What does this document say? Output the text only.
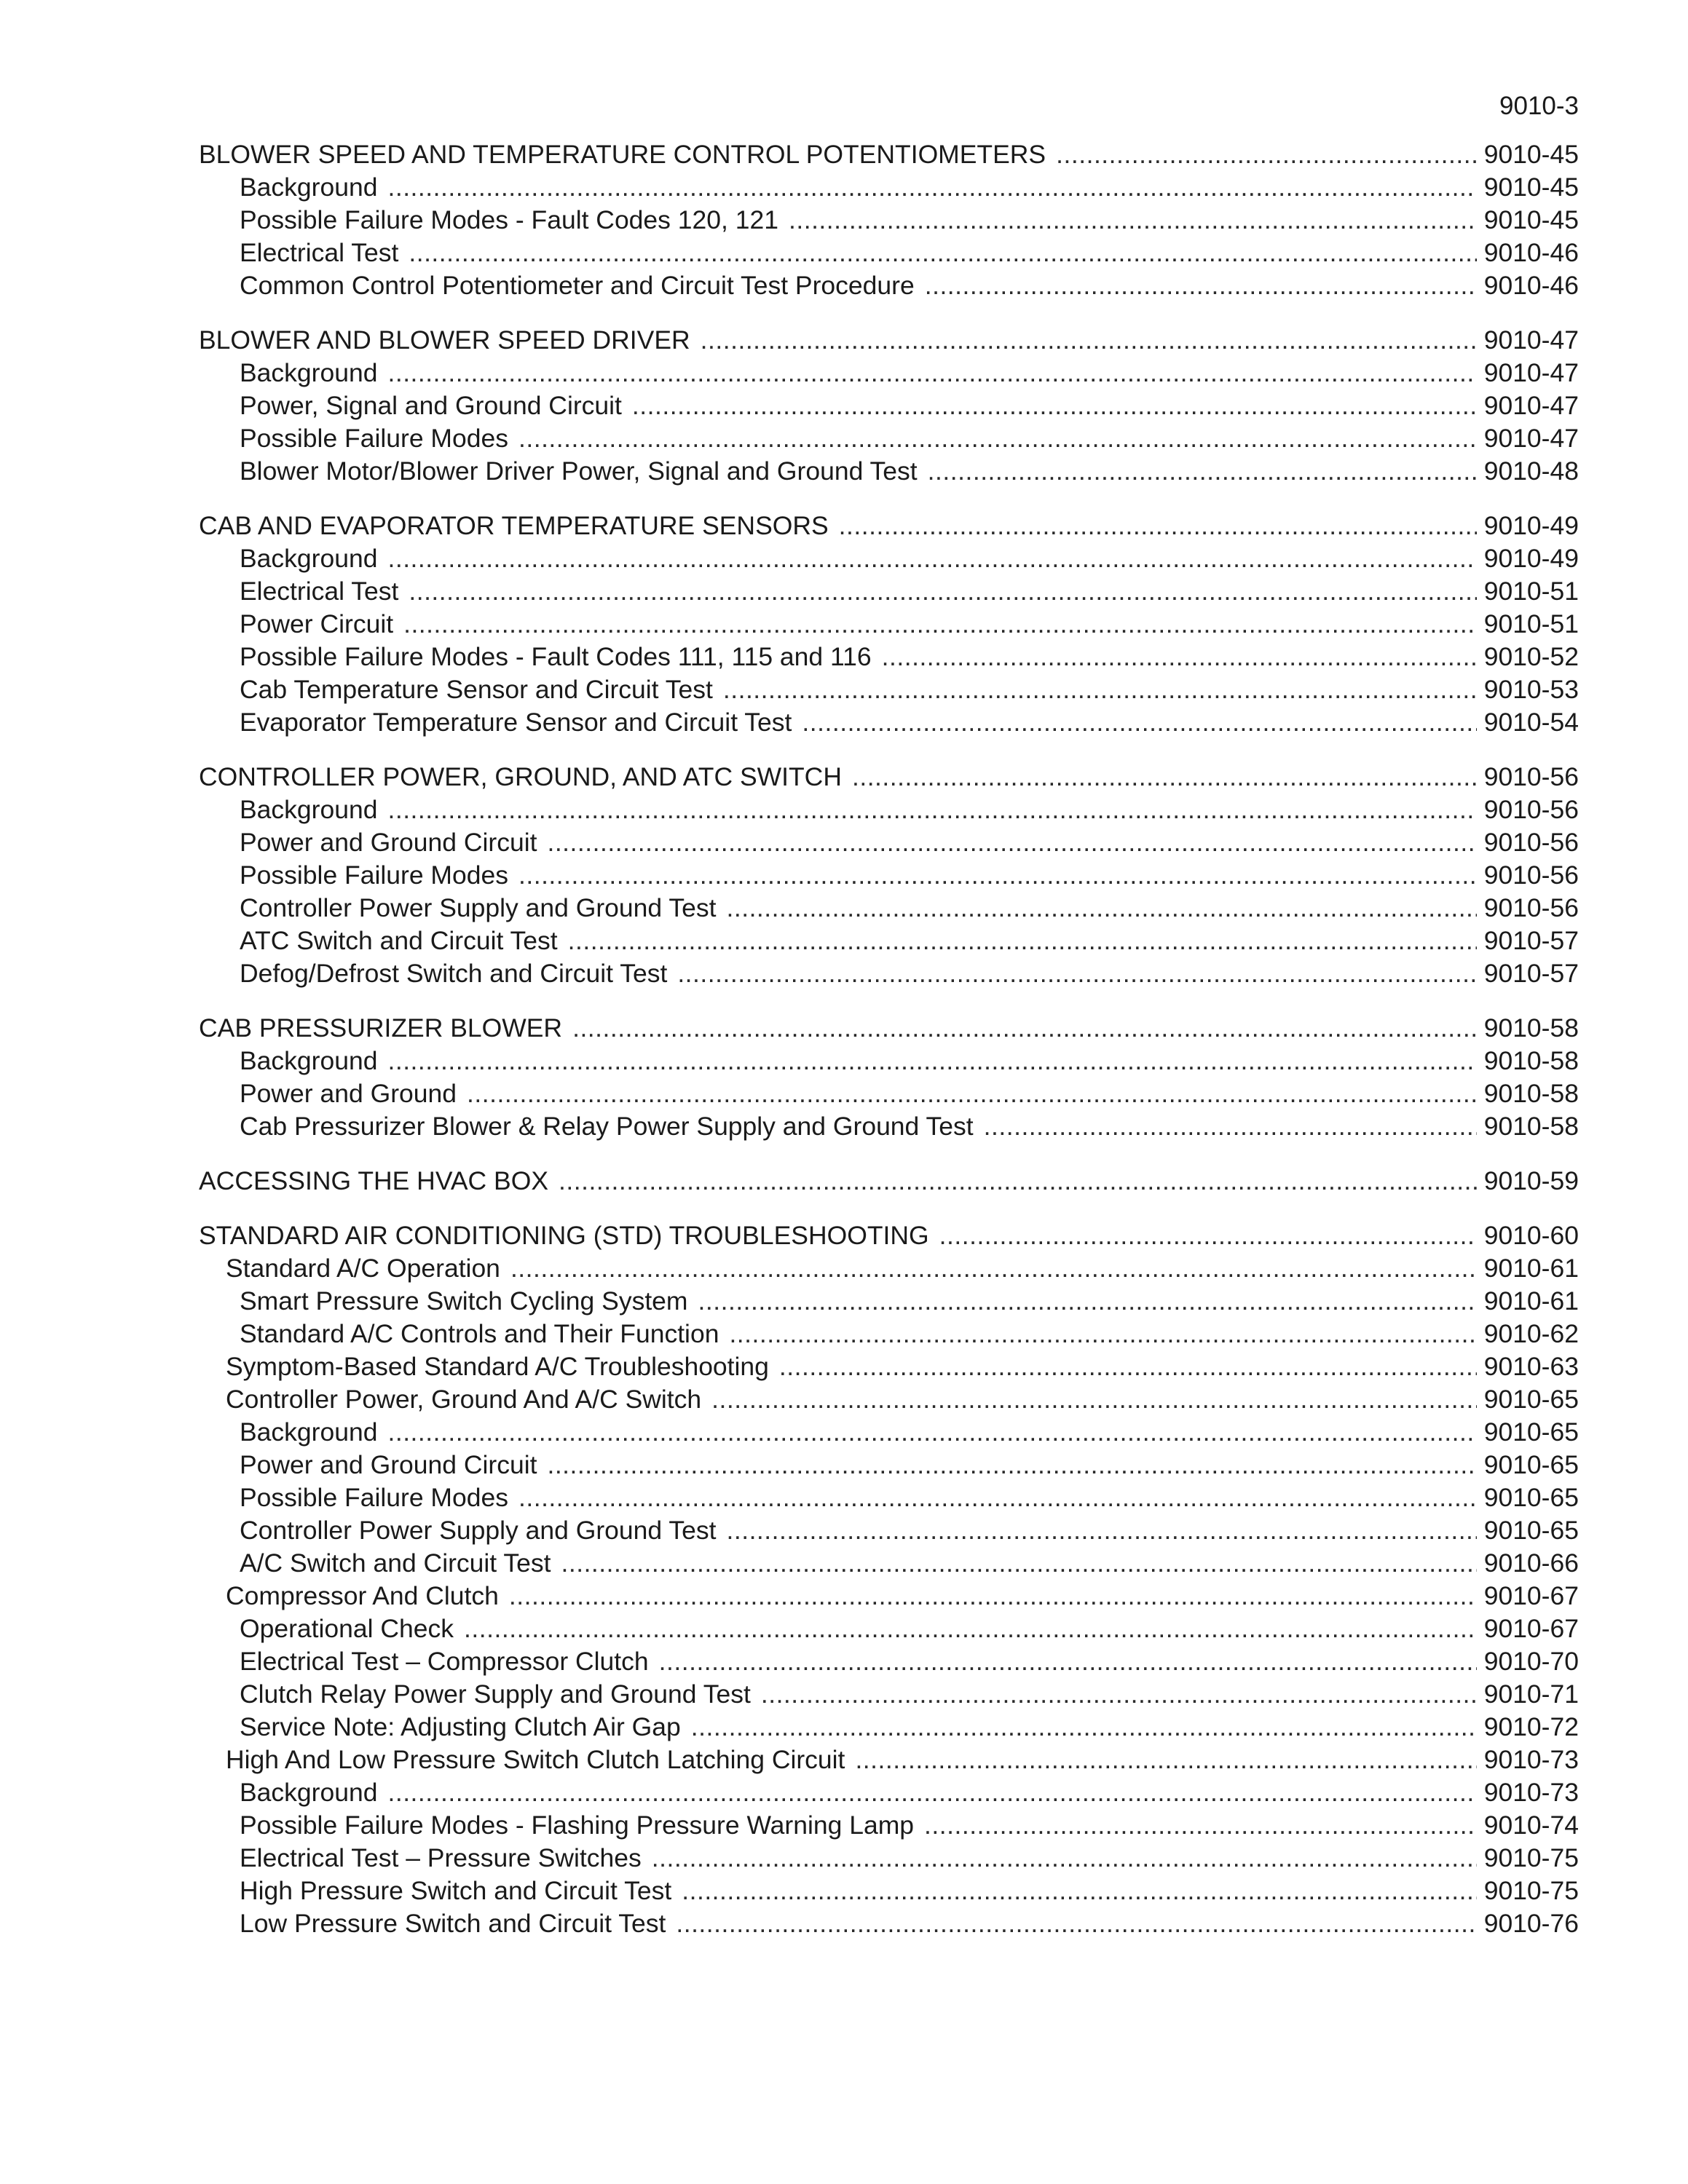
9010-3
BLOWER SPEED AND TEMPERATURE CONTROL POTENTIOMETERS .....	9010-45
Background .....	9010-45
Possible Failure Modes - Fault Codes 120, 121 .....	9010-45
Electrical Test .....	9010-46
Common Control Potentiometer and Circuit Test Procedure .....	9010-46
BLOWER AND BLOWER SPEED DRIVER .....	9010-47
Background .....	9010-47
Power, Signal and Ground Circuit .....	9010-47
Possible Failure Modes .....	9010-47
Blower Motor/Blower Driver Power, Signal and Ground Test .....	9010-48
CAB AND EVAPORATOR TEMPERATURE SENSORS .....	9010-49
Background .....	9010-49
Electrical Test .....	9010-51
Power Circuit .....	9010-51
Possible Failure Modes - Fault Codes 111, 115 and 116 .....	9010-52
Cab Temperature Sensor and Circuit Test .....	9010-53
Evaporator Temperature Sensor and Circuit Test .....	9010-54
CONTROLLER POWER, GROUND, AND ATC SWITCH .....	9010-56
Background .....	9010-56
Power and Ground Circuit .....	9010-56
Possible Failure Modes .....	9010-56
Controller Power Supply and Ground Test .....	9010-56
ATC Switch and Circuit Test .....	9010-57
Defog/Defrost Switch and Circuit Test .....	9010-57
CAB PRESSURIZER BLOWER .....	9010-58
Background .....	9010-58
Power and Ground .....	9010-58
Cab Pressurizer Blower & Relay Power Supply and Ground Test .....	9010-58
ACCESSING THE HVAC BOX .....	9010-59
STANDARD AIR CONDITIONING (STD) TROUBLESHOOTING .....	9010-60
Standard A/C Operation .....	9010-61
Smart Pressure Switch Cycling System .....	9010-61
Standard A/C Controls and Their Function .....	9010-62
Symptom-Based Standard A/C Troubleshooting .....	9010-63
Controller Power, Ground And A/C Switch .....	9010-65
Background .....	9010-65
Power and Ground Circuit .....	9010-65
Possible Failure Modes .....	9010-65
Controller Power Supply and Ground Test .....	9010-65
A/C Switch and Circuit Test .....	9010-66
Compressor And Clutch .....	9010-67
Operational Check .....	9010-67
Electrical Test – Compressor Clutch .....	9010-70
Clutch Relay Power Supply and Ground Test .....	9010-71
Service Note: Adjusting Clutch Air Gap .....	9010-72
High And Low Pressure Switch Clutch Latching Circuit .....	9010-73
Background .....	9010-73
Possible Failure Modes - Flashing Pressure Warning Lamp .....	9010-74
Electrical Test – Pressure Switches .....	9010-75
High Pressure Switch and Circuit Test .....	9010-75
Low Pressure Switch and Circuit Test .....	9010-76
